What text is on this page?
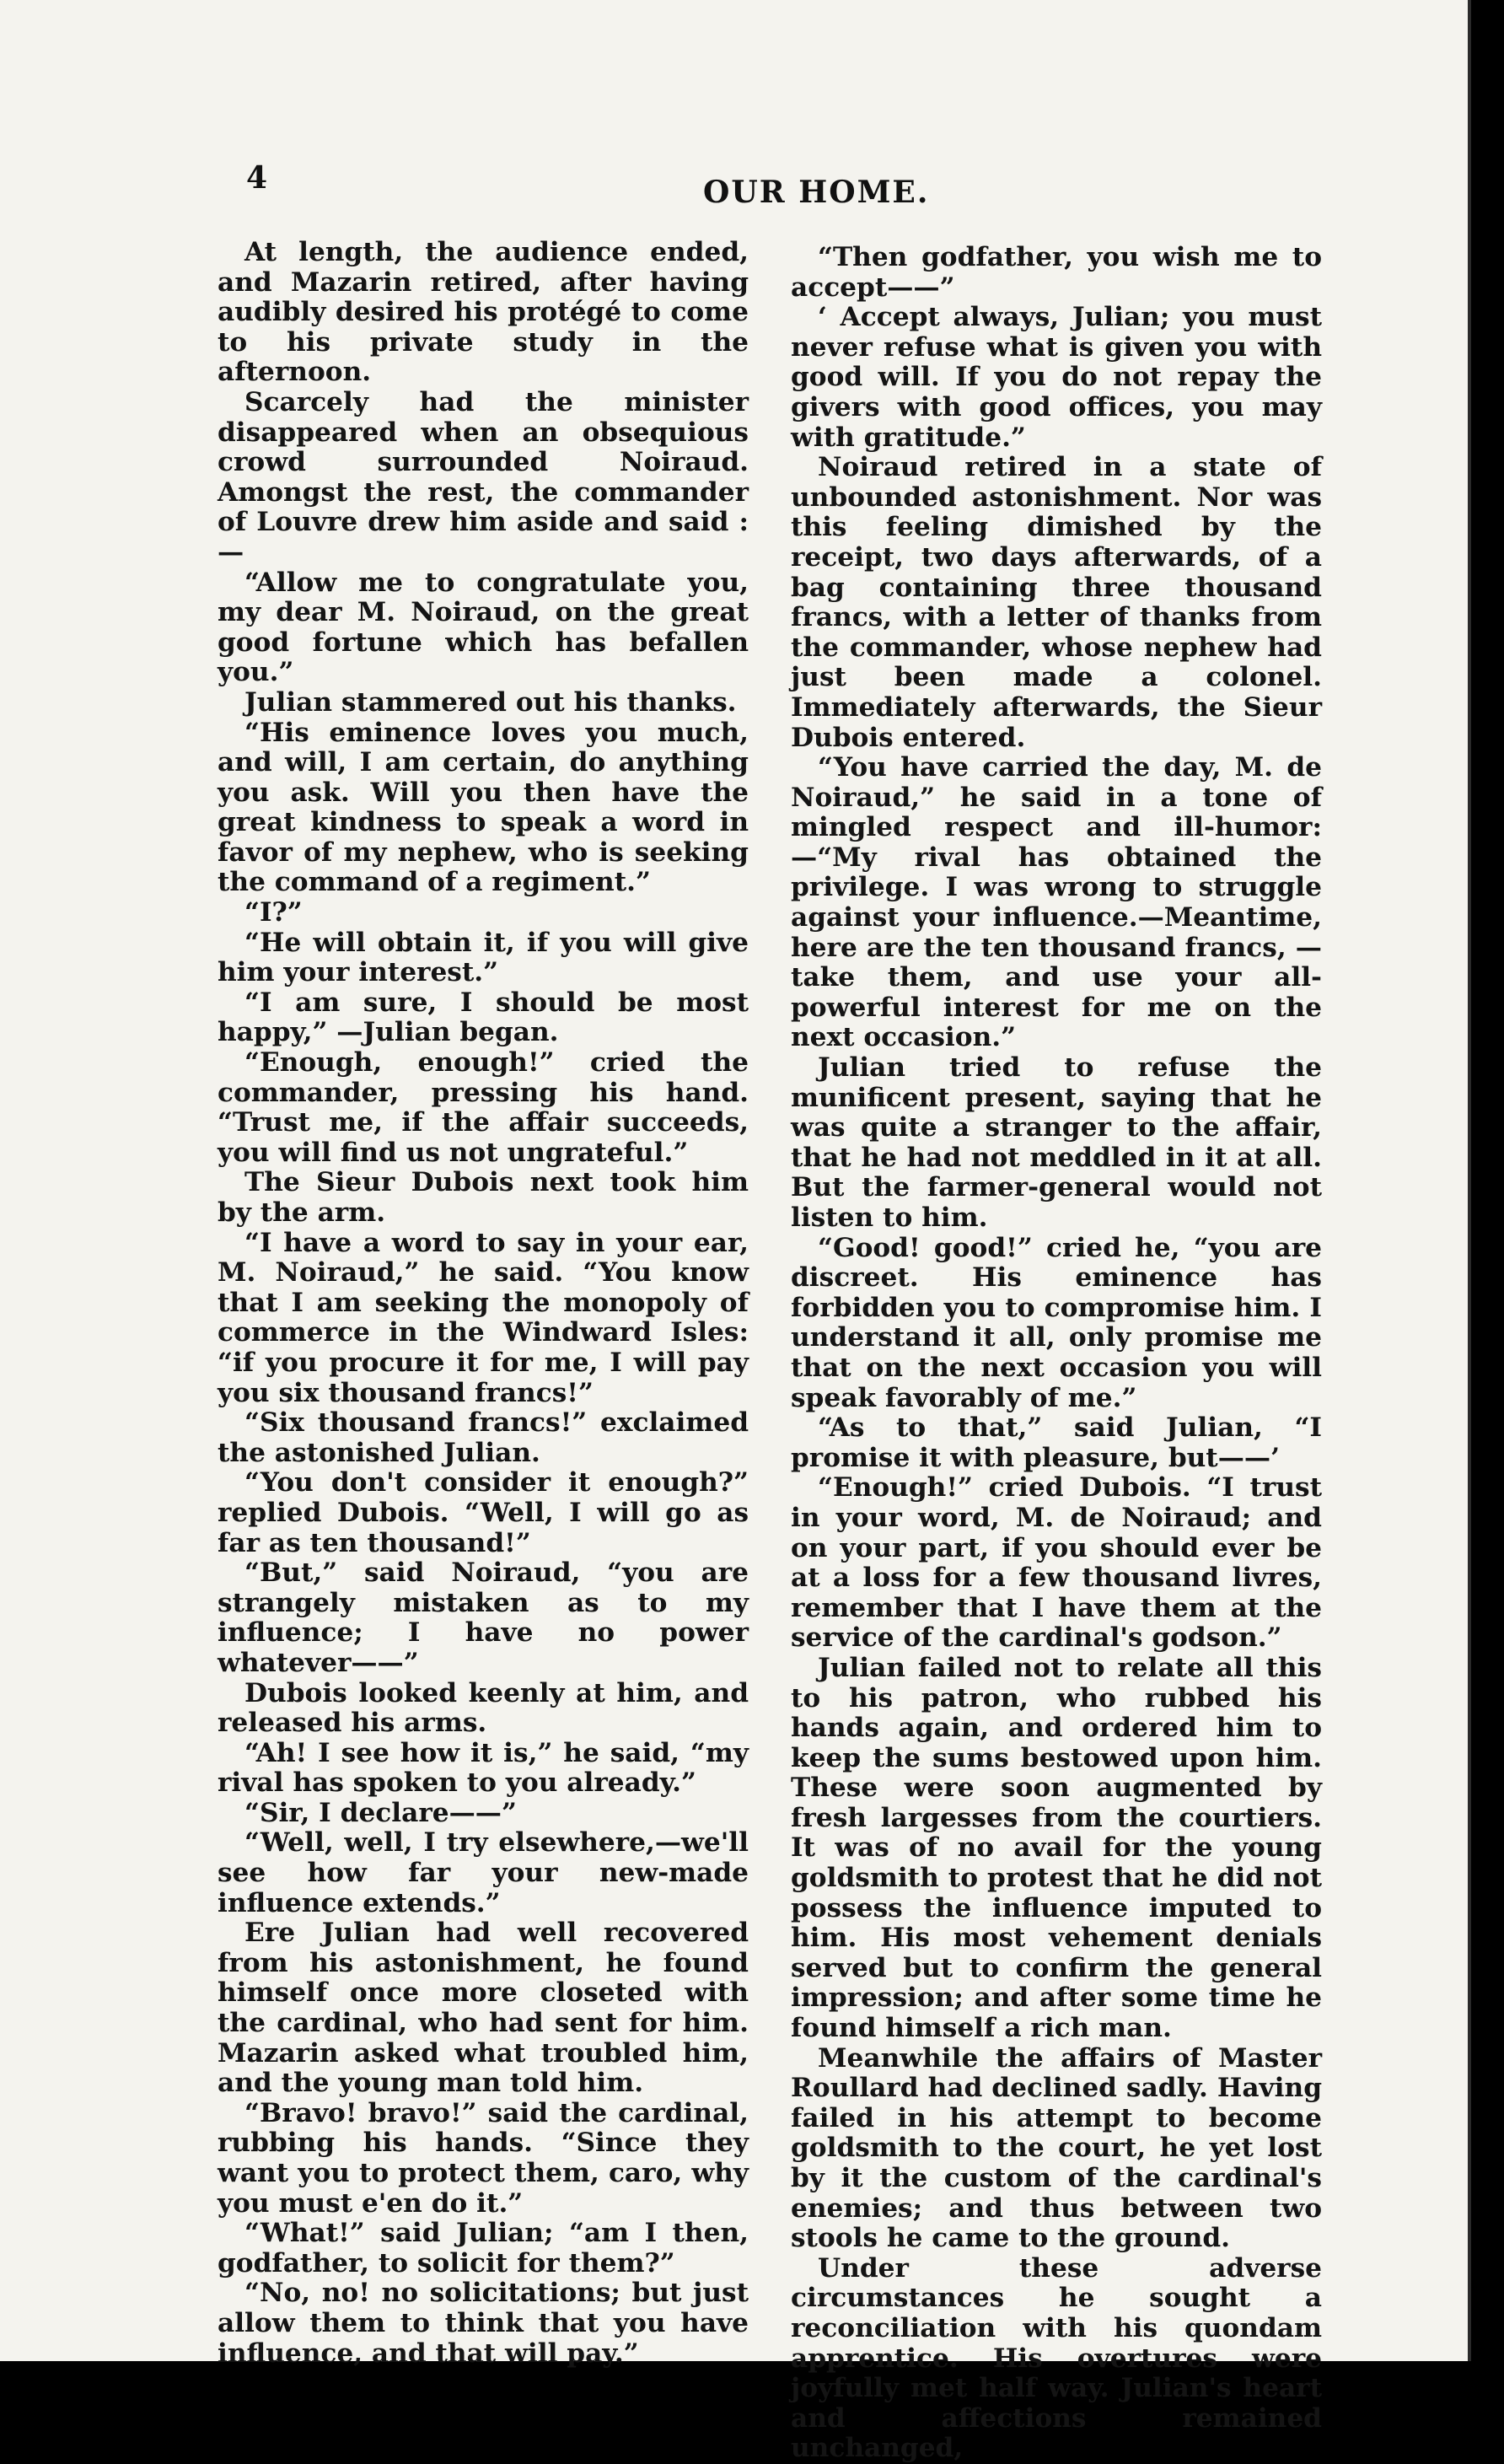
4	OUR HOME.

At length, the audience ended, and Mazarin retired, after having audibly desired his protégé to come to his private study in the afternoon.

Scarcely had the minister disappeared when an obsequious crowd surrounded Noiraud. Amongst the rest, the commander of Louvre drew him aside and said :—

“Allow me to congratulate you, my dear M. Noiraud, on the great good fortune which has befallen you.”

Julian stammered out his thanks.

“His eminence loves you much, and will, I am certain, do anything you ask. Will you then have the great kindness to speak a word in favor of my nephew, who is seeking the command of a regiment.”

“I?”

“He will obtain it, if you will give him your interest.”

“I am sure, I should be most happy,” —Julian began.

“Enough, enough!” cried the commander, pressing his hand. “Trust me, if the affair succeeds, you will find us not ungrateful.”

The Sieur Dubois next took him by the arm.

“I have a word to say in your ear, M. Noiraud,” he said. “You know that I am seeking the monopoly of commerce in the Windward Isles: “if you procure it for me, I will pay you six thousand francs!”

“Six thousand francs!” exclaimed the astonished Julian.

“You don't consider it enough?” replied Dubois. “Well, I will go as far as ten thousand!”

“But,” said Noiraud, “you are strangely mistaken as to my influence; I have no power whatever——”

Dubois looked keenly at him, and released his arms.

“Ah! I see how it is,” he said, “my rival has spoken to you already.”

“Sir, I declare——”

“Well, well, I try elsewhere,—we'll see how far your new-made influence extends.”

Ere Julian had well recovered from his astonishment, he found himself once more closeted with the cardinal, who had sent for him. Mazarin asked what troubled him, and the young man told him.

“Bravo! bravo!” said the cardinal, rubbing his hands. “Since they want you to protect them, caro, why you must e'en do it.”

“What!” said Julian; “am I then, godfather, to solicit for them?”

“No, no! no solicitations; but just allow them to think that you have influence, and that will pay.”

“Then godfather, you wish me to accept——”

‘ Accept always, Julian; you must never refuse what is given you with good will. If you do not repay the givers with good offices, you may with gratitude.”

Noiraud retired in a state of unbounded astonishment. Nor was this feeling dimished by the receipt, two days afterwards, of a bag containing three thousand francs, with a letter of thanks from the commander, whose nephew had just been made a colonel. Immediately afterwards, the Sieur Dubois entered.

“You have carried the day, M. de Noiraud,” he said in a tone of mingled respect and ill-humor:—“My rival has obtained the privilege. I was wrong to struggle against your influence.—Meantime, here are the ten thousand francs, —take them, and use your all-powerful interest for me on the next occasion.”

Julian tried to refuse the munificent present, saying that he was quite a stranger to the affair, that he had not meddled in it at all. But the farmer-general would not listen to him.

“Good! good!” cried he, “you are discreet. His eminence has forbidden you to compromise him. I understand it all, only promise me that on the next occasion you will speak favorably of me.”

“As to that,” said Julian, “I promise it with pleasure, but——’

“Enough!” cried Dubois. “I trust in your word, M. de Noiraud; and on your part, if you should ever be at a loss for a few thousand livres, remember that I have them at the service of the cardinal's godson.”

Julian failed not to relate all this to his patron, who rubbed his hands again, and ordered him to keep the sums bestowed upon him. These were soon augmented by fresh largesses from the courtiers. It was of no avail for the young goldsmith to protest that he did not possess the influence imputed to him. His most vehement denials served but to confirm the general impression; and after some time he found himself a rich man.

Meanwhile the affairs of Master Roullard had declined sadly. Having failed in his attempt to become goldsmith to the court, he yet lost by it the custom of the cardinal's enemies; and thus between two stools he came to the ground.

Under these adverse circumstances he sought a reconciliation with his quondam apprentice. His overtures were joyfully met half way. Julian's heart and affections remained unchanged,
